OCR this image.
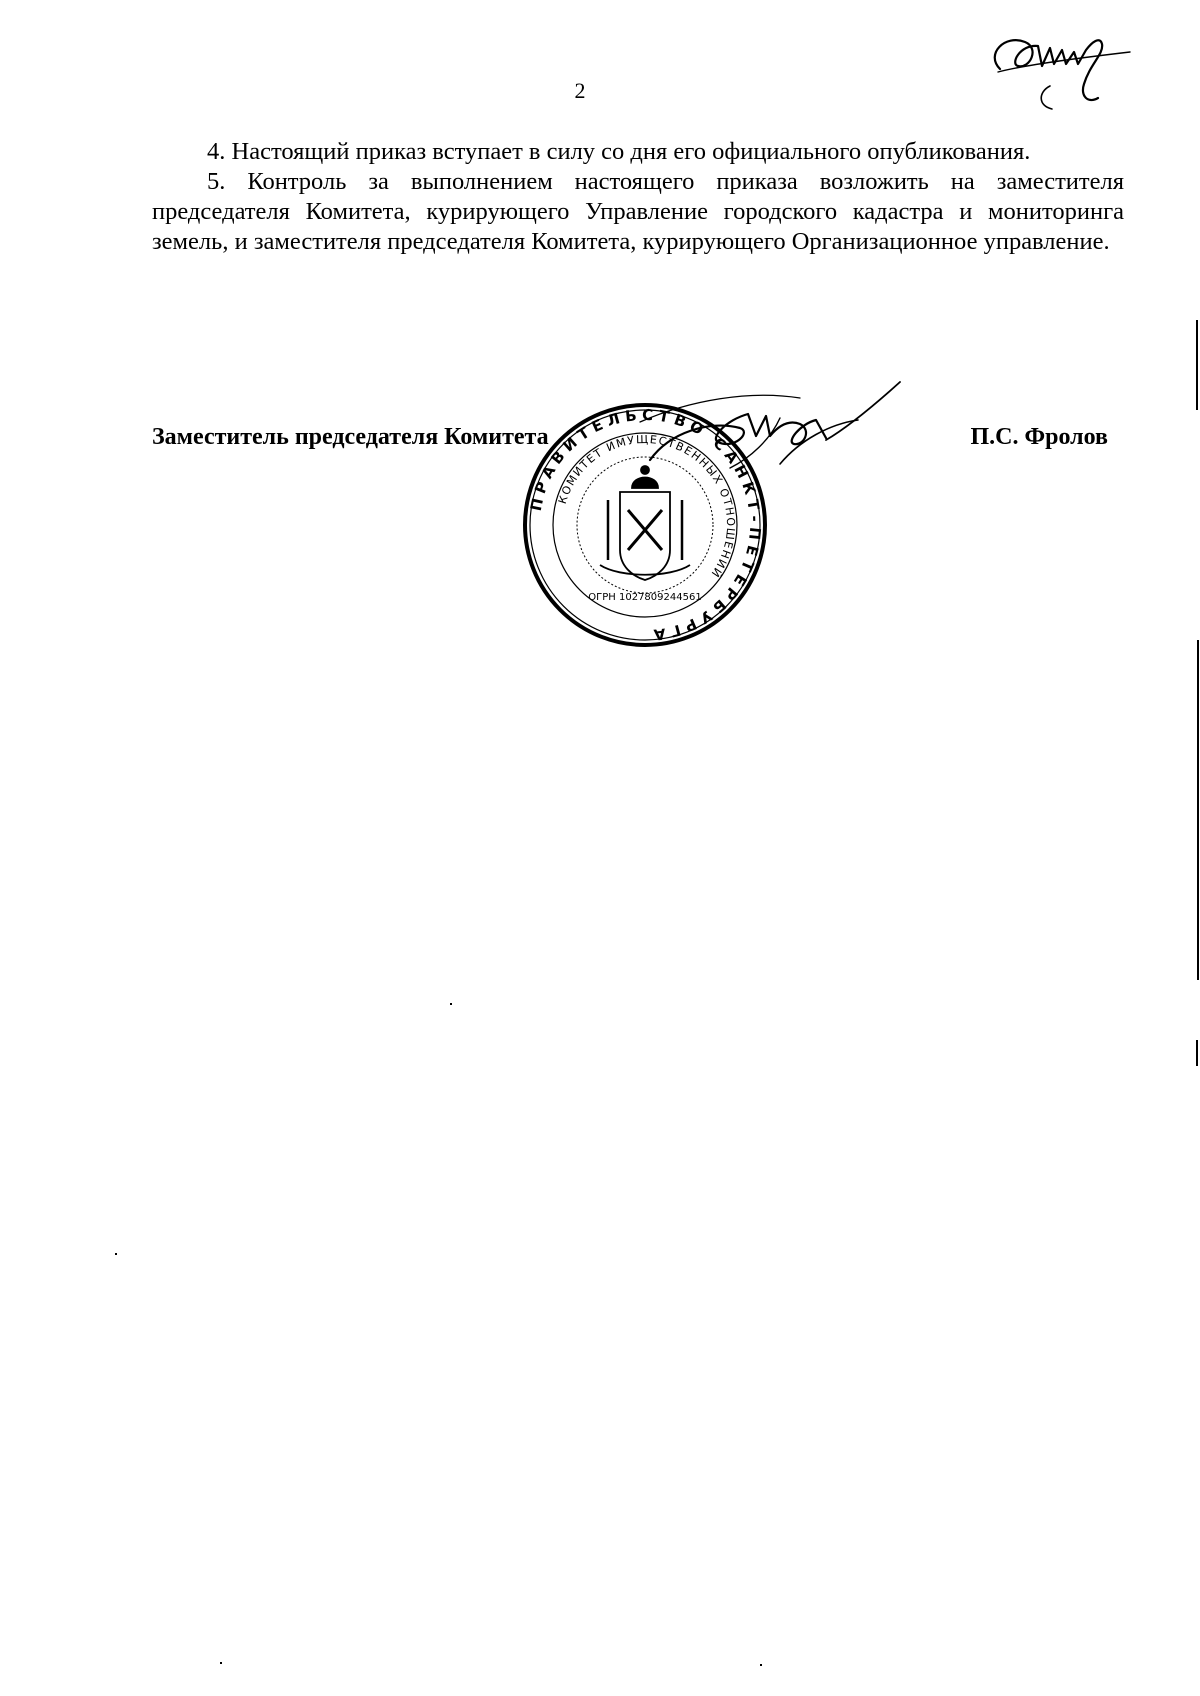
2

4. Настоящий приказ вступает в силу со дня его официального опубликования.

5. Контроль за выполнением настоящего приказа возложить на заместителя председателя Комитета, курирующего Управление городского кадастра и мониторинга земель, и заместителя председателя Комитета, курирующего Организационное управление.

Заместитель председателя Комитета	П.С. Фролов
ПРАВИТЕЛЬСТВО САНКТ-ПЕТЕРБУРГА
КОМИТЕТ ИМУЩЕСТВЕННЫХ ОТНОШЕНИЙ
ОГРН 1027809244561
